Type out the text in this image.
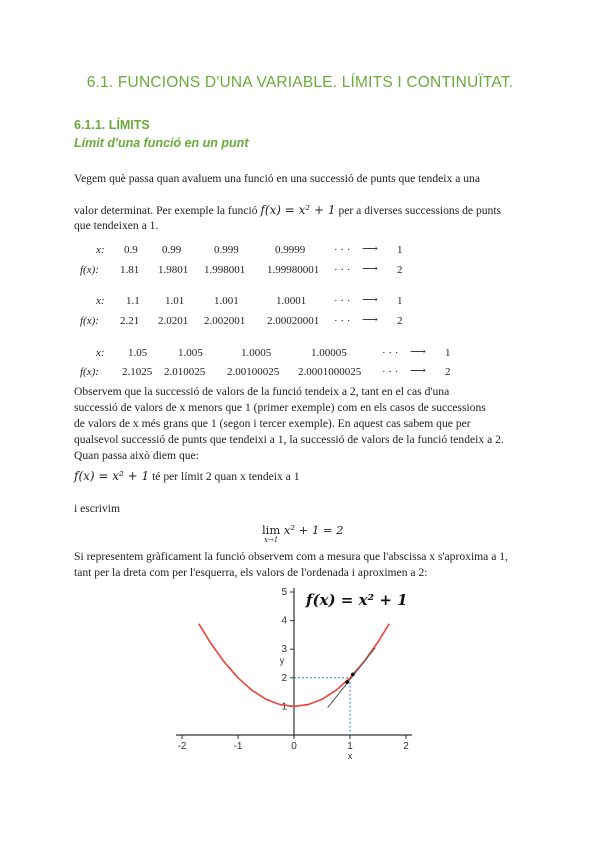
6.1. FUNCIONS D'UNA VARIABLE. LÍMITS I CONTINUÏTAT.
6.1.1. LÍMITS
Límit d'una funció en un punt
Vegem què passa quan avaluem una funció en una successió de punts que tendeix a una
valor determinat. Per exemple la funció f(x) = x² + 1 per a diverses successions de punts
que tendeixen a 1.
x: 0.9 0.99	0.999	0.9999	· · · ⟶ 1
f(x): 1.81 1.9801 1.998001 1.99980001 · · · ⟶ 2
x: 1.1 1.01	1.001	1.0001	· · · ⟶ 1
f(x): 2.21 2.0201 2.002001 2.00020001 · · · ⟶ 2
x: 1.05	1.005	1.0005	1.00005	· · · ⟶ 1
f(x): 2.1025 2.010025 2.00100025 2.0001000025 · · · ⟶ 2
Observem que la successió de valors de la funció tendeix a 2, tant en el cas d'una
successió de valors de x menors que 1 (primer exemple) com en els casos de successions
de valors de x més grans que 1 (segon i tercer exemple). En aquest cas sabem que per
qualsevol successió de punts que tendeixi a 1, la successió de valors de la funció tendeix a 2.
Quan passa això diem que:
f(x) = x² + 1 té per límit 2 quan x tendeix a 1
i escrivim
lim
x→1
x² + 1 = 2
Si representem gràficament la funció observem com a mesura que l'abscissa x s'aproxima a 1,
tant per la dreta com per l'esquerra, els valors de l'ordenada i aproximen a 2:
-2	-1	0	1	2
1
2
3
4
5
x
y
f(x) = x² + 1
